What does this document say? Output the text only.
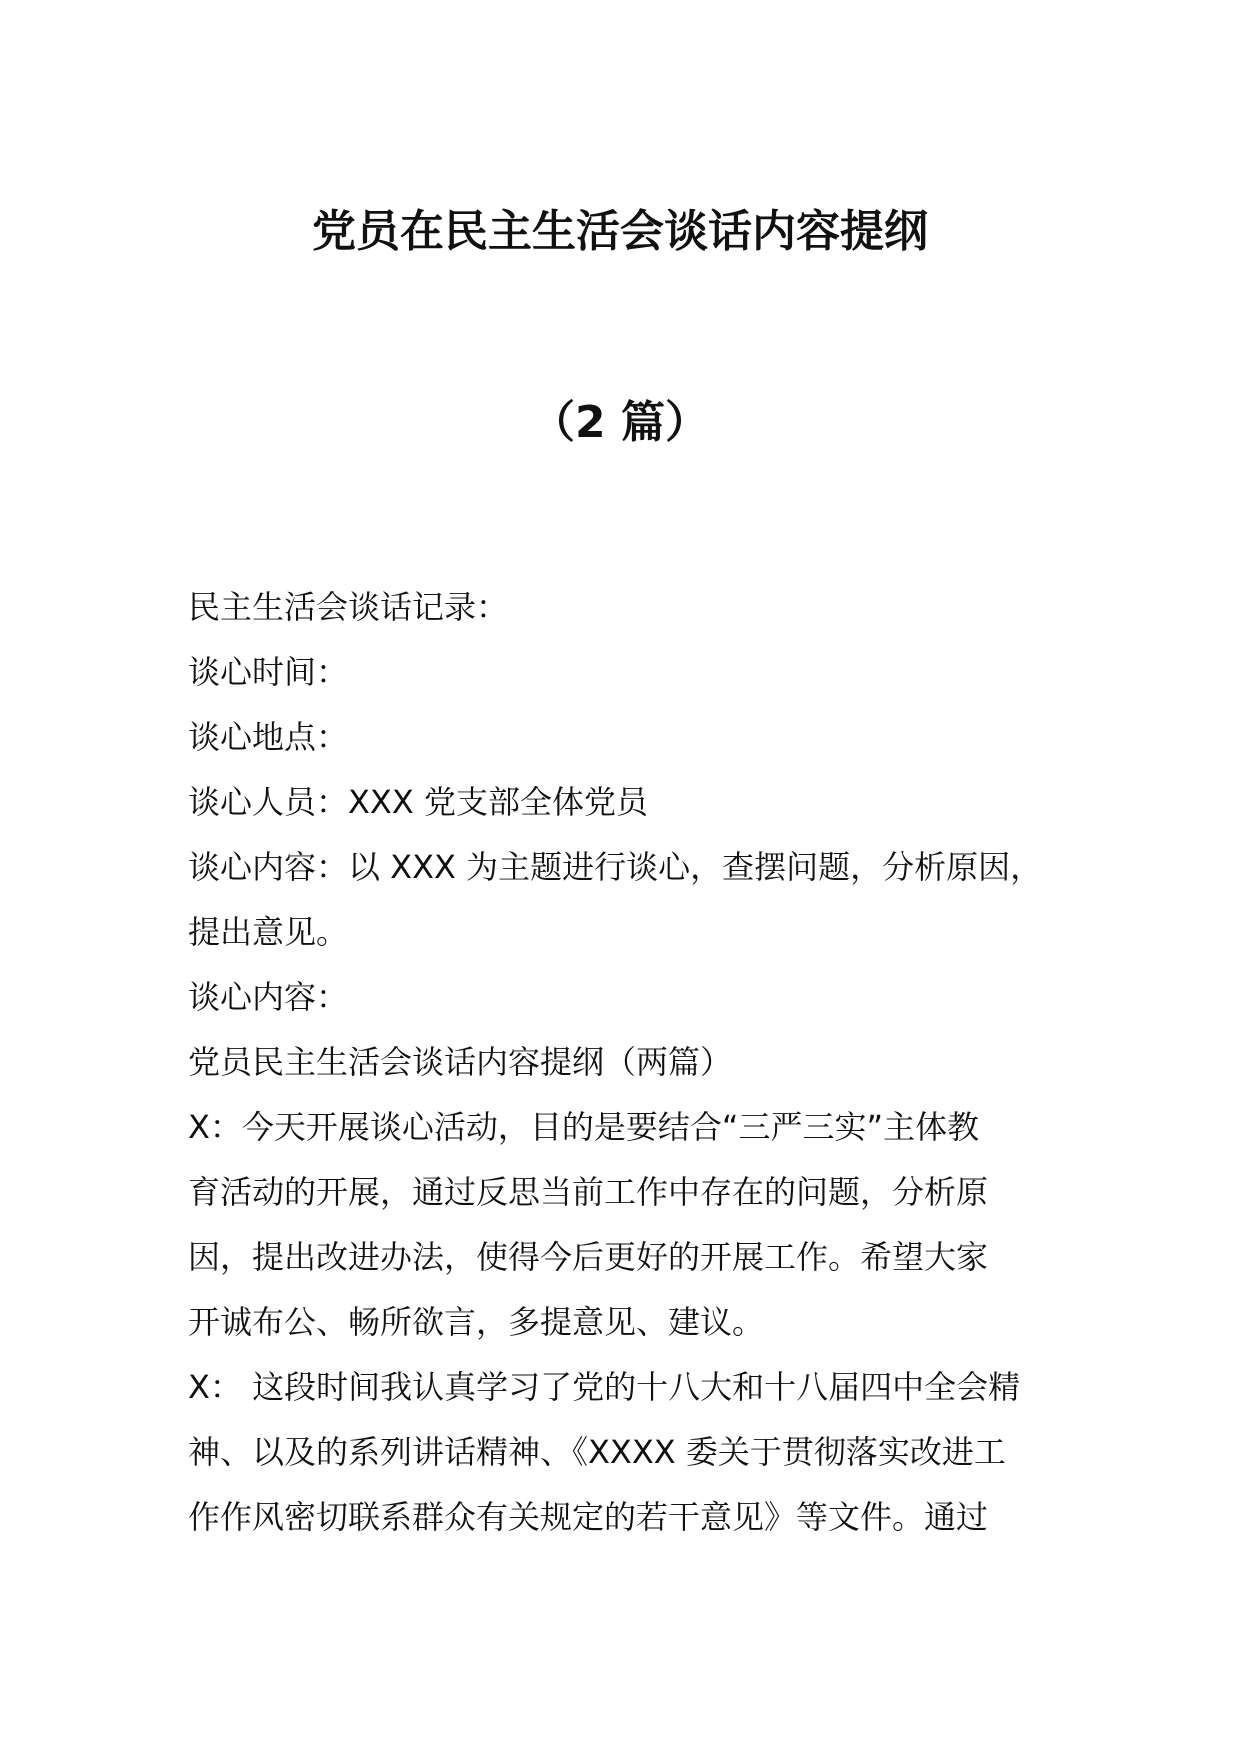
党员在民主生活会谈话内容提纲
（2 篇）

民主生活会谈话记录：

谈心时间：

谈心地点：

谈心人员：XXX 党支部全体党员

谈心内容：以 XXX 为主题进行谈心，查摆问题，分析原因，

提出意见。

谈心内容：

党员民主生活会谈话内容提纲（两篇）

X：今天开展谈心活动，目的是要结合“三严三实”主体教

育活动的开展，通过反思当前工作中存在的问题，分析原

因，提出改进办法，使得今后更好的开展工作。希望大家

开诚布公、畅所欲言，多提意见、建议。

X： 这段时间我认真学习了党的十八大和十八届四中全会精

神、以及的系列讲话精神、《XXXX 委关于贯彻落实改进工

作作风密切联系群众有关规定的若干意见》等文件。通过
